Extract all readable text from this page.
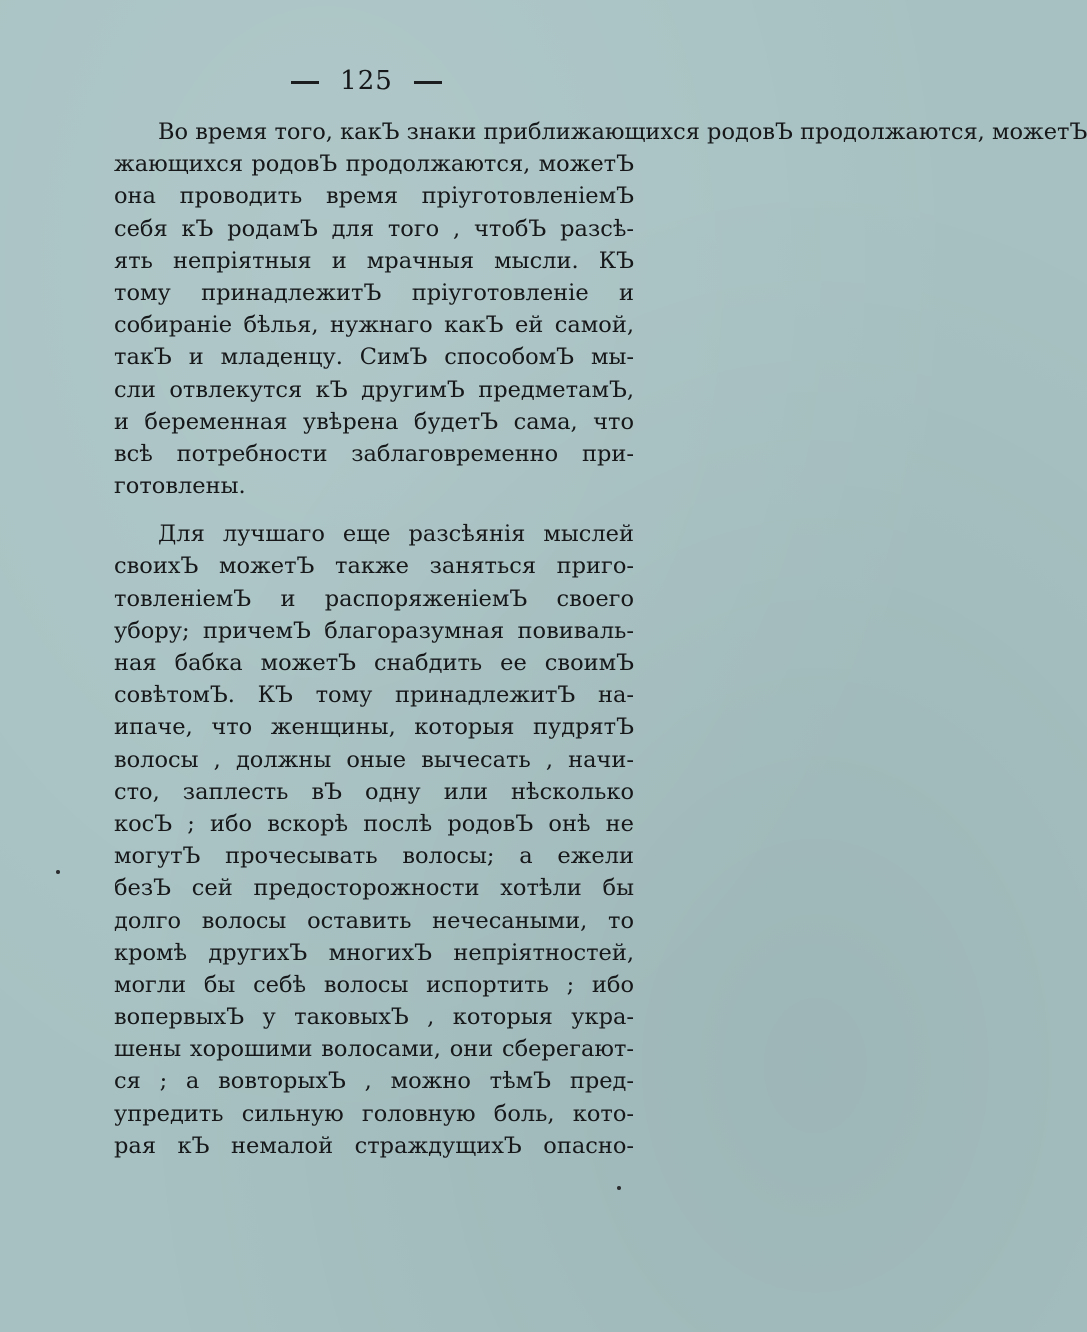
125
Во время того, какЪ знаки приближающихся родовЪ продолжаются, можетЪ
жающихся родовЪ продолжаются, можетЪ
она проводить время пріуготовленіемЪ
себя кЪ родамЪ для того , чтобЪ разсѣ-
ять непріятныя и мрачныя мысли. КЪ
тому принадлежитЪ пріуготовленіе и
собираніе бѣлья, нужнаго какЪ ей самой,
такЪ и младенцу. СимЪ способомЪ мы-
сли отвлекутся кЪ другимЪ предметамЪ,
и беременная увѣрена будетЪ сама, что
всѣ потребности заблаговременно при-
готовлены.
Для лучшаго еще разсѣянія мыслей
своихЪ можетЪ также заняться приго-
товленіемЪ и распоряженіемЪ своего
убору; причемЪ благоразумная повиваль-
ная бабка можетЪ снабдить ее своимЪ
совѣтомЪ. КЪ тому принадлежитЪ на-
ипаче, что женщины, которыя пудрятЪ
волосы , должны оные вычесать , начи-
сто, заплесть вЪ одну или нѣсколько
косЪ ; ибо вскорѣ послѣ родовЪ онѣ не
могутЪ прочесывать волосы; а ежели
безЪ сей предосторожности хотѣли бы
долго волосы оставить нечесаными, то
кромѣ другихЪ многихЪ непріятностей,
могли бы себѣ волосы испортить ; ибо
вопервыхЪ у таковыхЪ , которыя укра-
шены хорошими волосами, они сберегают-
ся ; а вовторыхЪ , можно тѣмЪ пред-
упредить сильную головную боль, кото-
рая кЪ немалой страждущихЪ опасно-
